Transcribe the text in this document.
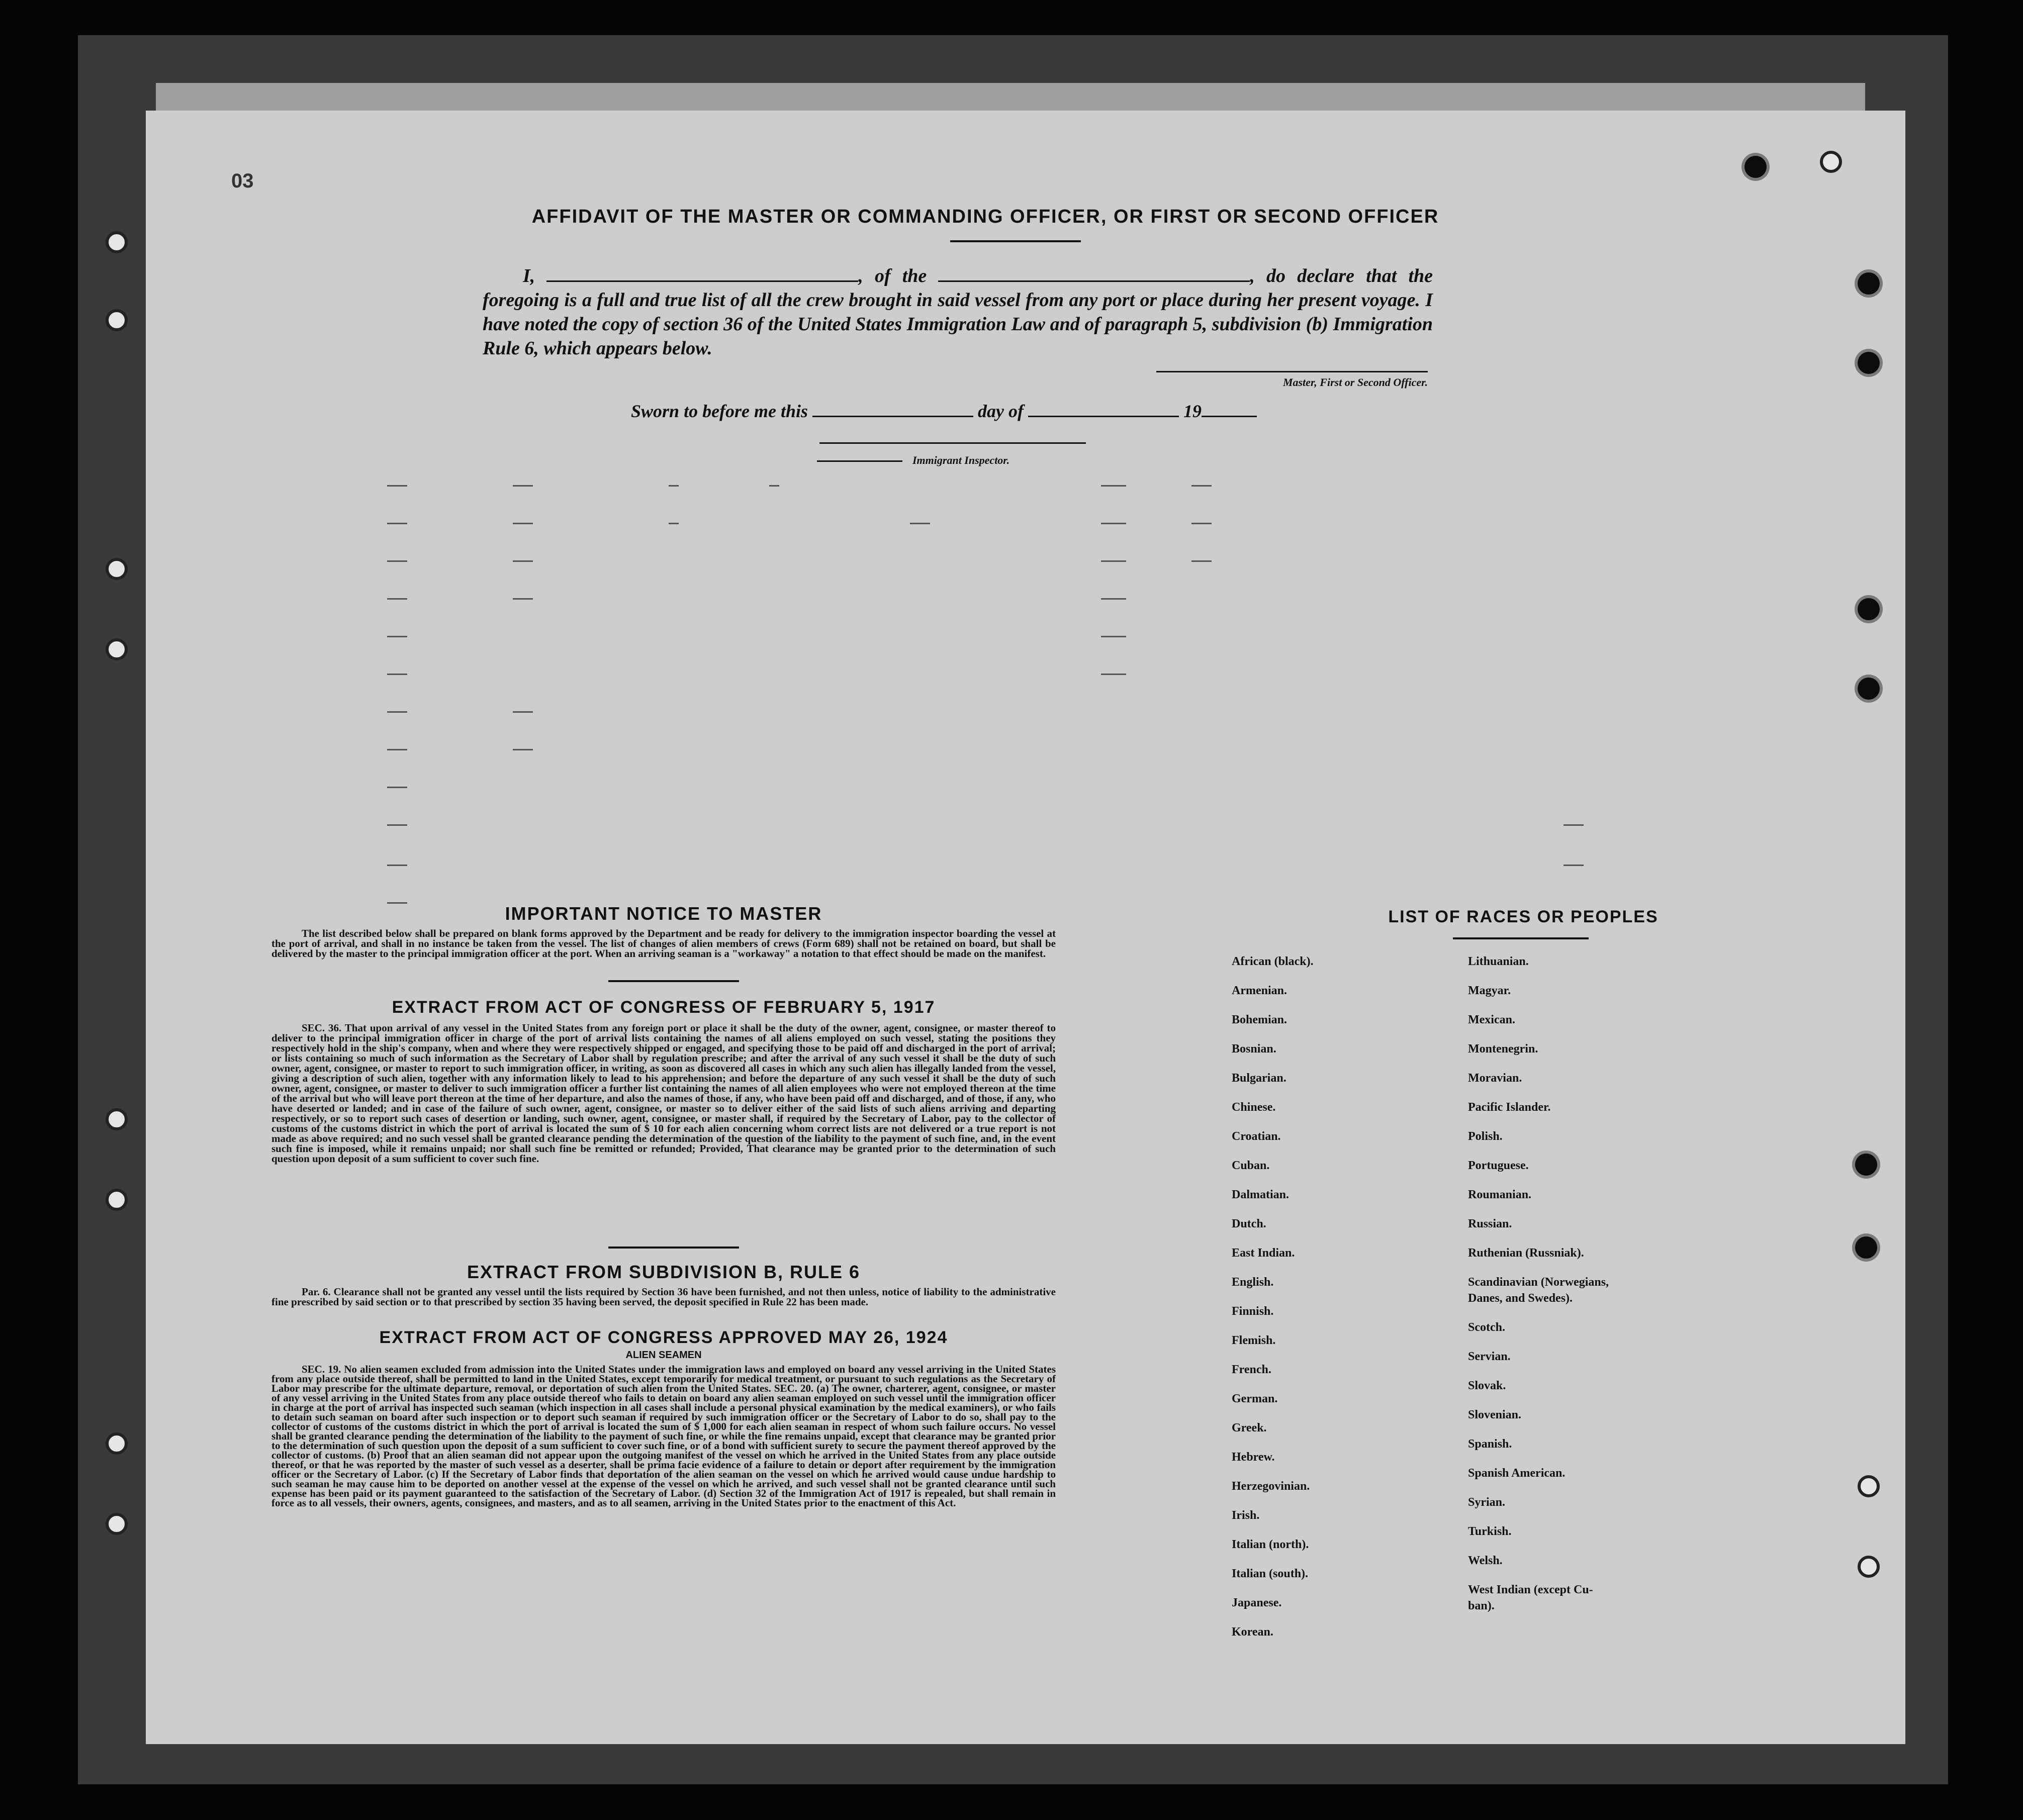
03
AFFIDAVIT OF THE MASTER OR COMMANDING OFFICER, OR FIRST OR SECOND OFFICER
I,	, of the	, do declare that the foregoing is a full and true list of all the crew brought in said vessel from any port or place during her present voyage. I have noted the copy of section 36 of the United States Immigration Law and of paragraph 5, subdivision (b) Immigration Rule 6, which appears below.
Master, First or Second Officer.
Sworn to before me this	day of	19
Immigrant Inspector.
IMPORTANT NOTICE TO MASTER
The list described below shall be prepared on blank forms approved by the Department and be ready for delivery to the immigration inspector boarding the vessel at the port of arrival, and shall in no instance be taken from the vessel. The list of changes of alien members of crews (Form 689) shall not be retained on board, but shall be delivered by the master to the principal immigration officer at the port. When an arriving seaman is a "workaway" a notation to that effect should be made on the manifest.
EXTRACT FROM ACT OF CONGRESS OF FEBRUARY 5, 1917
SEC. 36. That upon arrival of any vessel in the United States from any foreign port or place it shall be the duty of the owner, agent, consignee, or master thereof to deliver to the principal immigration officer in charge of the port of arrival lists containing the names of all aliens employed on such vessel, stating the positions they respectively hold in the ship's company, when and where they were respectively shipped or engaged, and specifying those to be paid off and discharged in the port of arrival; or lists containing so much of such information as the Secretary of Labor shall by regulation prescribe; and after the arrival of any such vessel it shall be the duty of such owner, agent, consignee, or master to report to such immigration officer, in writing, as soon as discovered all cases in which any such alien has illegally landed from the vessel, giving a description of such alien, together with any information likely to lead to his apprehension; and before the departure of any such vessel it shall be the duty of such owner, agent, consignee, or master to deliver to such immigration officer a further list containing the names of all alien employees who were not employed thereon at the time of the arrival but who will leave port thereon at the time of her departure, and also the names of those, if any, who have been paid off and discharged, and of those, if any, who have deserted or landed; and in case of the failure of such owner, agent, consignee, or master so to deliver either of the said lists of such aliens arriving and departing respectively, or so to report such cases of desertion or landing, such owner, agent, consignee, or master shall, if required by the Secretary of Labor, pay to the collector of customs of the customs district in which the port of arrival is located the sum of $ 10 for each alien concerning whom correct lists are not delivered or a true report is not made as above required; and no such vessel shall be granted clearance pending the determination of the question of the liability to the payment of such fine, and, in the event such fine is imposed, while it remains unpaid; nor shall such fine be remitted or refunded; Provided, That clearance may be granted prior to the determination of such question upon deposit of a sum sufficient to cover such fine.
EXTRACT FROM SUBDIVISION B, RULE 6
Par. 6. Clearance shall not be granted any vessel until the lists required by Section 36 have been furnished, and not then unless, notice of liability to the administrative fine prescribed by said section or to that prescribed by section 35 having been served, the deposit specified in Rule 22 has been made.
EXTRACT FROM ACT OF CONGRESS APPROVED MAY 26, 1924
ALIEN SEAMEN
SEC. 19. No alien seamen excluded from admission into the United States under the immigration laws and employed on board any vessel arriving in the United States from any place outside thereof, shall be permitted to land in the United States, except temporarily for medical treatment, or pursuant to such regulations as the Secretary of Labor may prescribe for the ultimate departure, removal, or deportation of such alien from the United States. SEC. 20. (a) The owner, charterer, agent, consignee, or master of any vessel arriving in the United States from any place outside thereof who fails to detain on board any alien seaman employed on such vessel until the immigration officer in charge at the port of arrival has inspected such seaman (which inspection in all cases shall include a personal physical examination by the medical examiners), or who fails to detain such seaman on board after such inspection or to deport such seaman if required by such immigration officer or the Secretary of Labor to do so, shall pay to the collector of customs of the customs district in which the port of arrival is located the sum of $ 1,000 for each alien seaman in respect of whom such failure occurs. No vessel shall be granted clearance pending the determination of the liability to the payment of such fine, or while the fine remains unpaid, except that clearance may be granted prior to the determination of such question upon the deposit of a sum sufficient to cover such fine, or of a bond with sufficient surety to secure the payment thereof approved by the collector of customs. (b) Proof that an alien seaman did not appear upon the outgoing manifest of the vessel on which he arrived in the United States from any place outside thereof, or that he was reported by the master of such vessel as a deserter, shall be prima facie evidence of a failure to detain or deport after requirement by the immigration officer or the Secretary of Labor. (c) If the Secretary of Labor finds that deportation of the alien seaman on the vessel on which he arrived would cause undue hardship to such seaman he may cause him to be deported on another vessel at the expense of the vessel on which he arrived, and such vessel shall not be granted clearance until such expense has been paid or its payment guaranteed to the satisfaction of the Secretary of Labor. (d) Section 32 of the Immigration Act of 1917 is repealed, but shall remain in force as to all vessels, their owners, agents, consignees, and masters, and as to all seamen, arriving in the United States prior to the enactment of this Act.
LIST OF RACES OR PEOPLES
African (black).
Armenian.
Bohemian.
Bosnian.
Bulgarian.
Chinese.
Croatian.
Cuban.
Dalmatian.
Dutch.
East Indian.
English.
Finnish.
Flemish.
French.
German.
Greek.
Hebrew.
Herzegovinian.
Irish.
Italian (north).
Italian (south).
Japanese.
Korean.
Lithuanian.
Magyar.
Mexican.
Montenegrin.
Moravian.
Pacific Islander.
Polish.
Portuguese.
Roumanian.
Russian.
Ruthenian (Russniak).
Scandinavian (Norwegians,
Danes, and Swedes).
Scotch.
Servian.
Slovak.
Slovenian.
Spanish.
Spanish American.
Syrian.
Turkish.
Welsh.
West Indian (except Cu-
ban).
